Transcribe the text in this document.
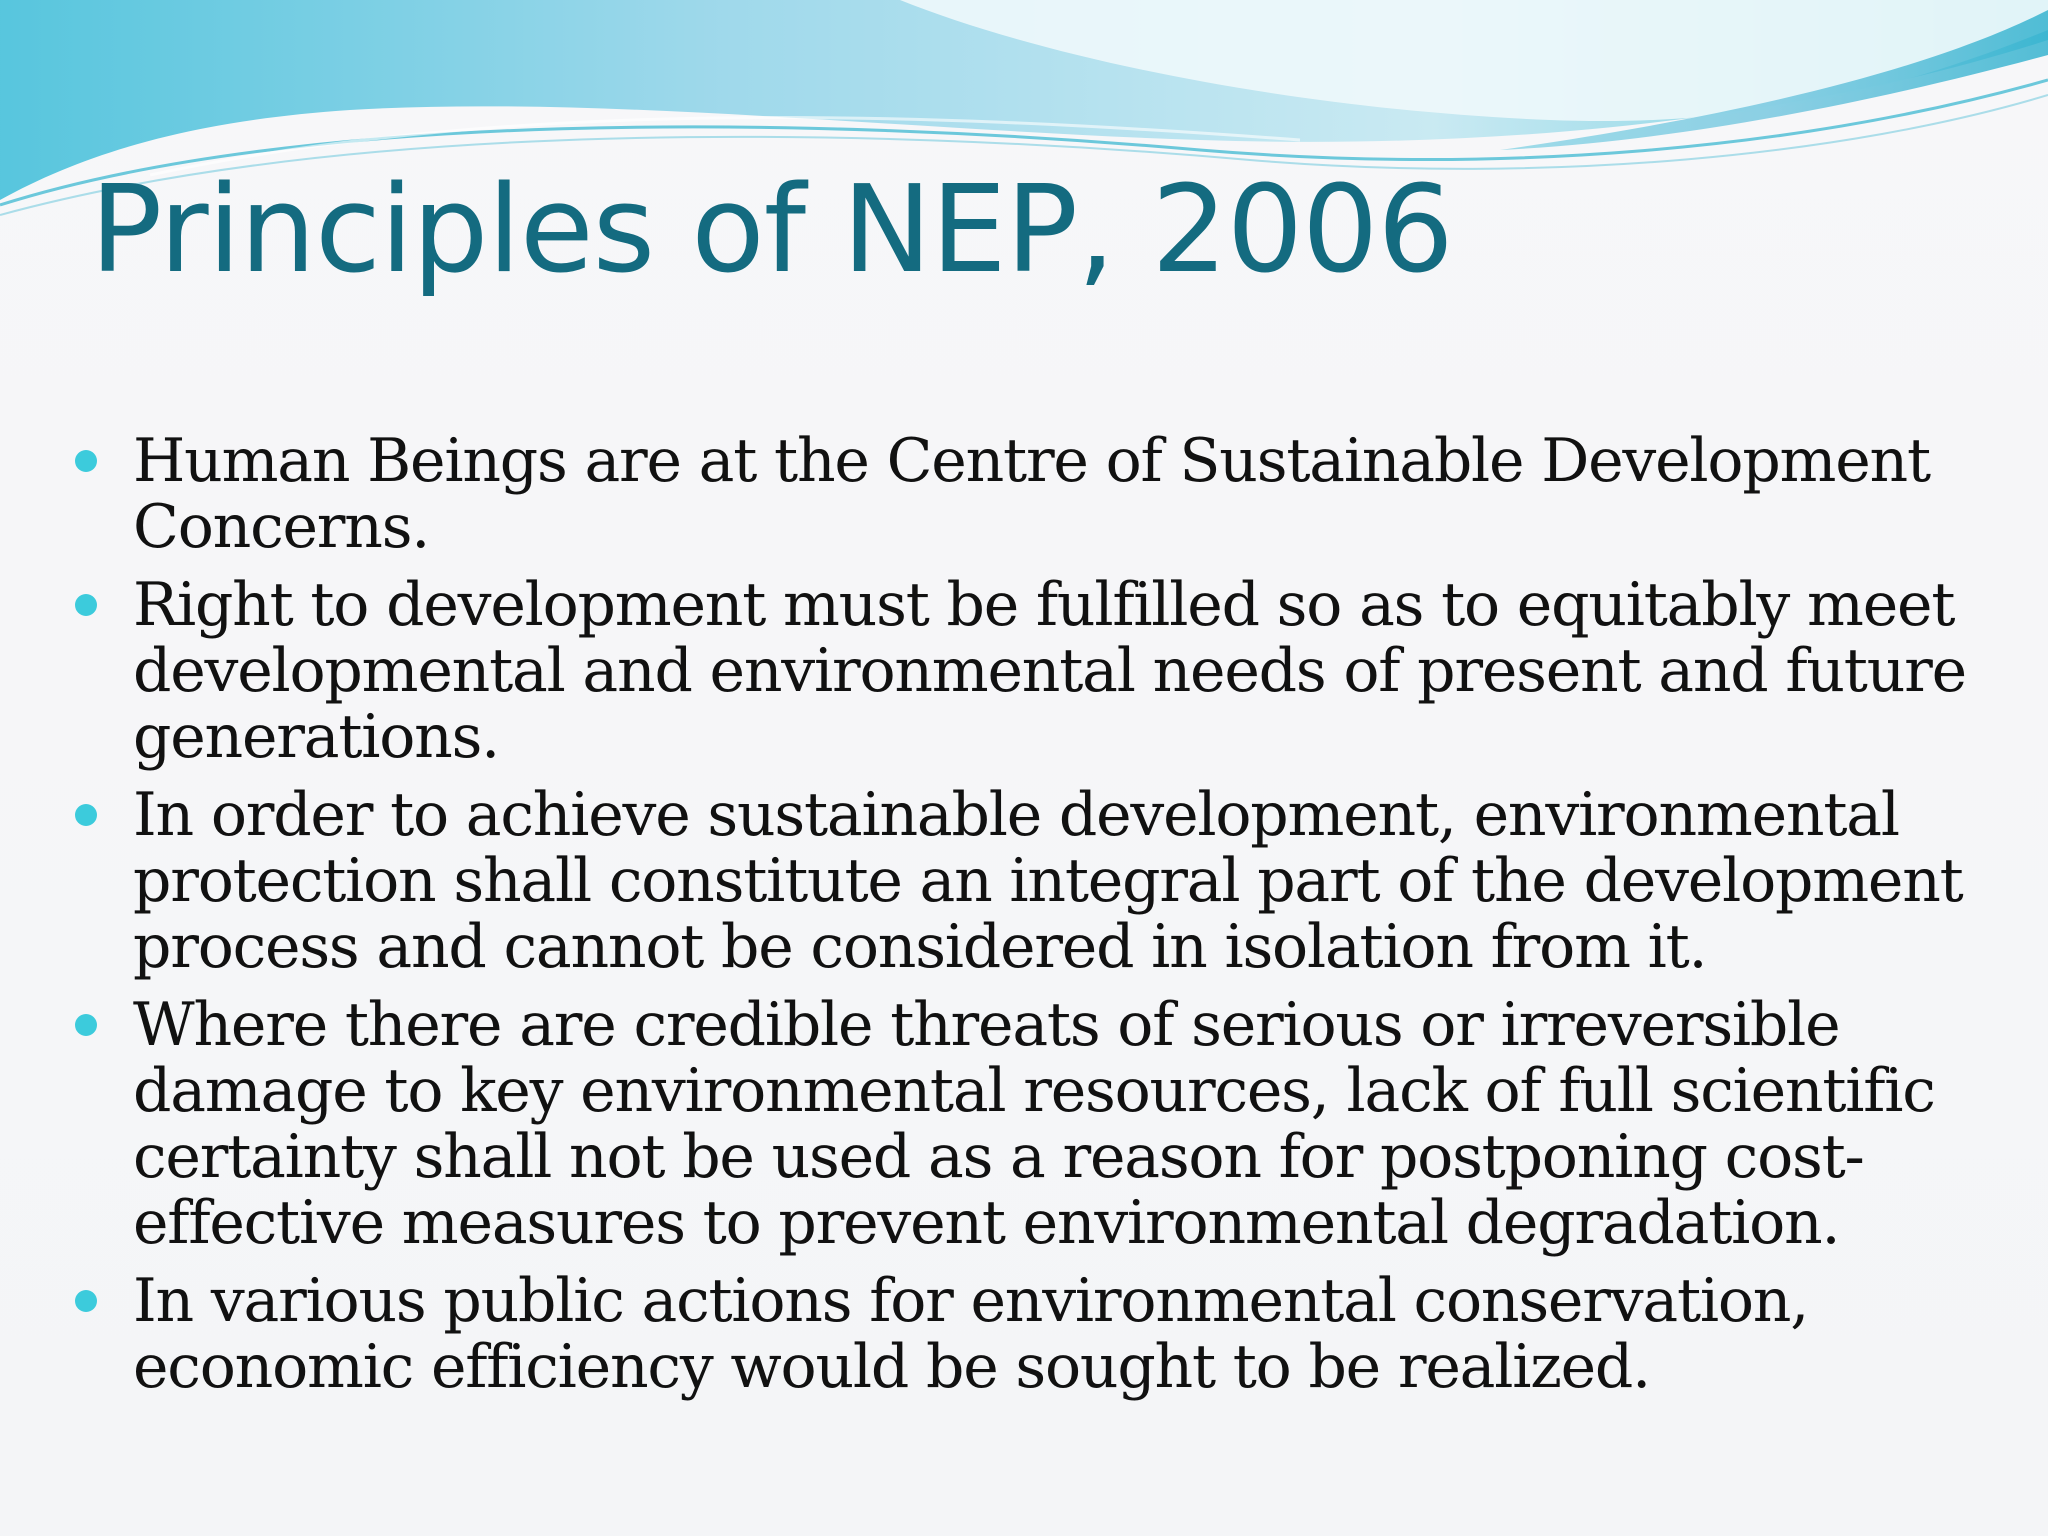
Principles of NEP, 2006
Human Beings are at the Centre of Sustainable Development Concerns.
Right to development must be fulfilled so as to equitably meet developmental and environmental needs of present and future generations.
In order to achieve sustainable development, environmental protection shall constitute an integral part of the development process and cannot be considered in isolation from it.
Where there are credible threats of serious or irreversible damage to key environmental resources, lack of full scientific certainty shall not be used as a reason for postponing cost-effective measures to prevent environmental degradation.
In various public actions for environmental conservation, economic efficiency would be sought to be realized.
